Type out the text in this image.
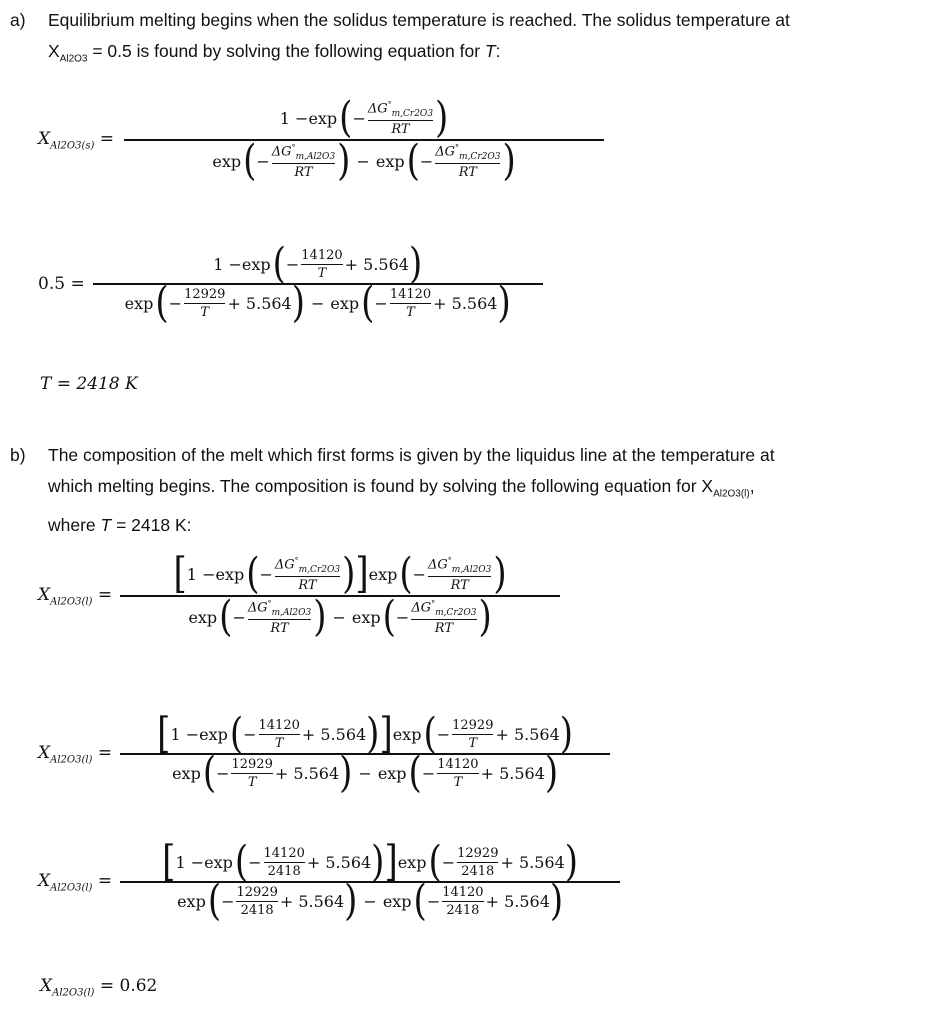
a) Equilibrium melting begins when the solidus temperature is reached. The solidus temperature at
$X_{Al2O3} = 0.5$ is found by solving the following equation for T:
$X_{Al2O3(s)}$ =
1 − exp ( −
$\Delta G^\circ_{m,Cr2O3}$
RT )
exp ( −
$\Delta G^\circ_{m,Al2O3}$
RT ) − exp ( −
$\Delta G^\circ_{m,Cr2O3}$
RT )
0.5 =
1 − exp ( − 14120
T + 5.564 )
exp ( − 12929
T + 5.564 ) − exp ( − 14120
T + 5.564 )
T = 2418 K
b) The composition of the melt which first forms is given by the liquidus line at the temperature at
which melting begins. The composition is found by solving the following equation for $X_{Al2O3(l)}$,
where T = 2418 K:
$X_{Al2O3(l)}$ = [ 1 − exp ( −
$\Delta G^\circ_{m,Cr2O3}$
RT ) ] exp ( −
$\Delta G^\circ_{m,Al2O3}$
RT )
exp ( −
$\Delta G^\circ_{m,Al2O3}$
RT ) − exp ( −
$\Delta G^\circ_{m,Cr2O3}$
RT )
$X_{Al2O3(l)}$ = [ 1 − exp ( − 14120
T + 5.564 ) ] exp ( − 12929
T + 5.564 )
exp ( − 12929
T + 5.564 ) − exp ( − 14120
T + 5.564 )
$X_{Al2O3(l)}$ = [ 1 − exp ( − 14120
2418 + 5.564 ) ] exp ( − 12929
2418 + 5.564 )
exp ( − 12929
2418 + 5.564 ) − exp ( − 14120
2418 + 5.564 )
$X_{Al2O3(l)} = 0.62$
